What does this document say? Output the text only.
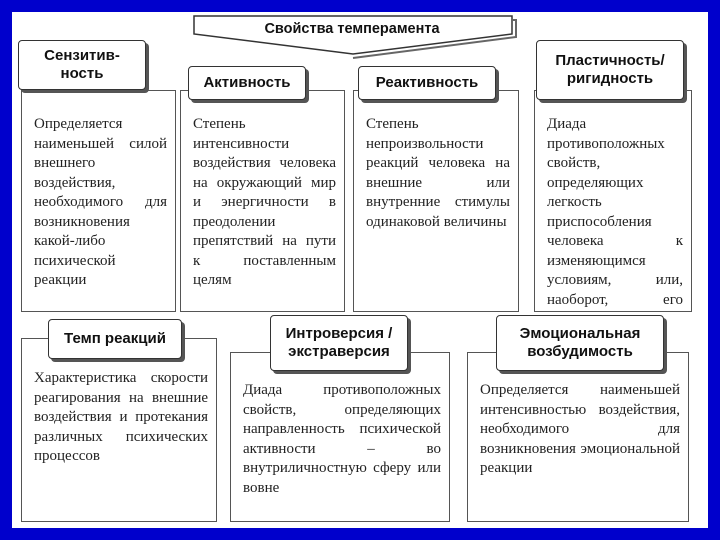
Свойства темперамента
Определяется наименьшей силой внешнего воздействия, необходимого для возникновения какой-либо психической реакции
Степень интенсивности воздействия человека на окружающий мир и энергичности в преодолении препятствий на пути к поставленным целям
Степень непроизвольности реакций человека на внешние или внутренние стимулы одинаковой величины
Диада противоположных свойств, определяющих легкость приспособления человека к изменяющимся условиям, или, наоборот, его
Характеристика скорости реагирования на внешние воздействия и протекания различных психических процессов
Диада противоположных свойств, определяющих направленность психической активности – во внутриличностную сферу или вовне
Определяется наименьшей интенсивностью воздействия, необходимого для возникновения эмоциональной реакции
Сензитив-
ность
Активность	Реактивность
Пластичность/
ригидность
Темп реакций	Интроверсия /
экстраверсия
Эмоциональная
возбудимость
